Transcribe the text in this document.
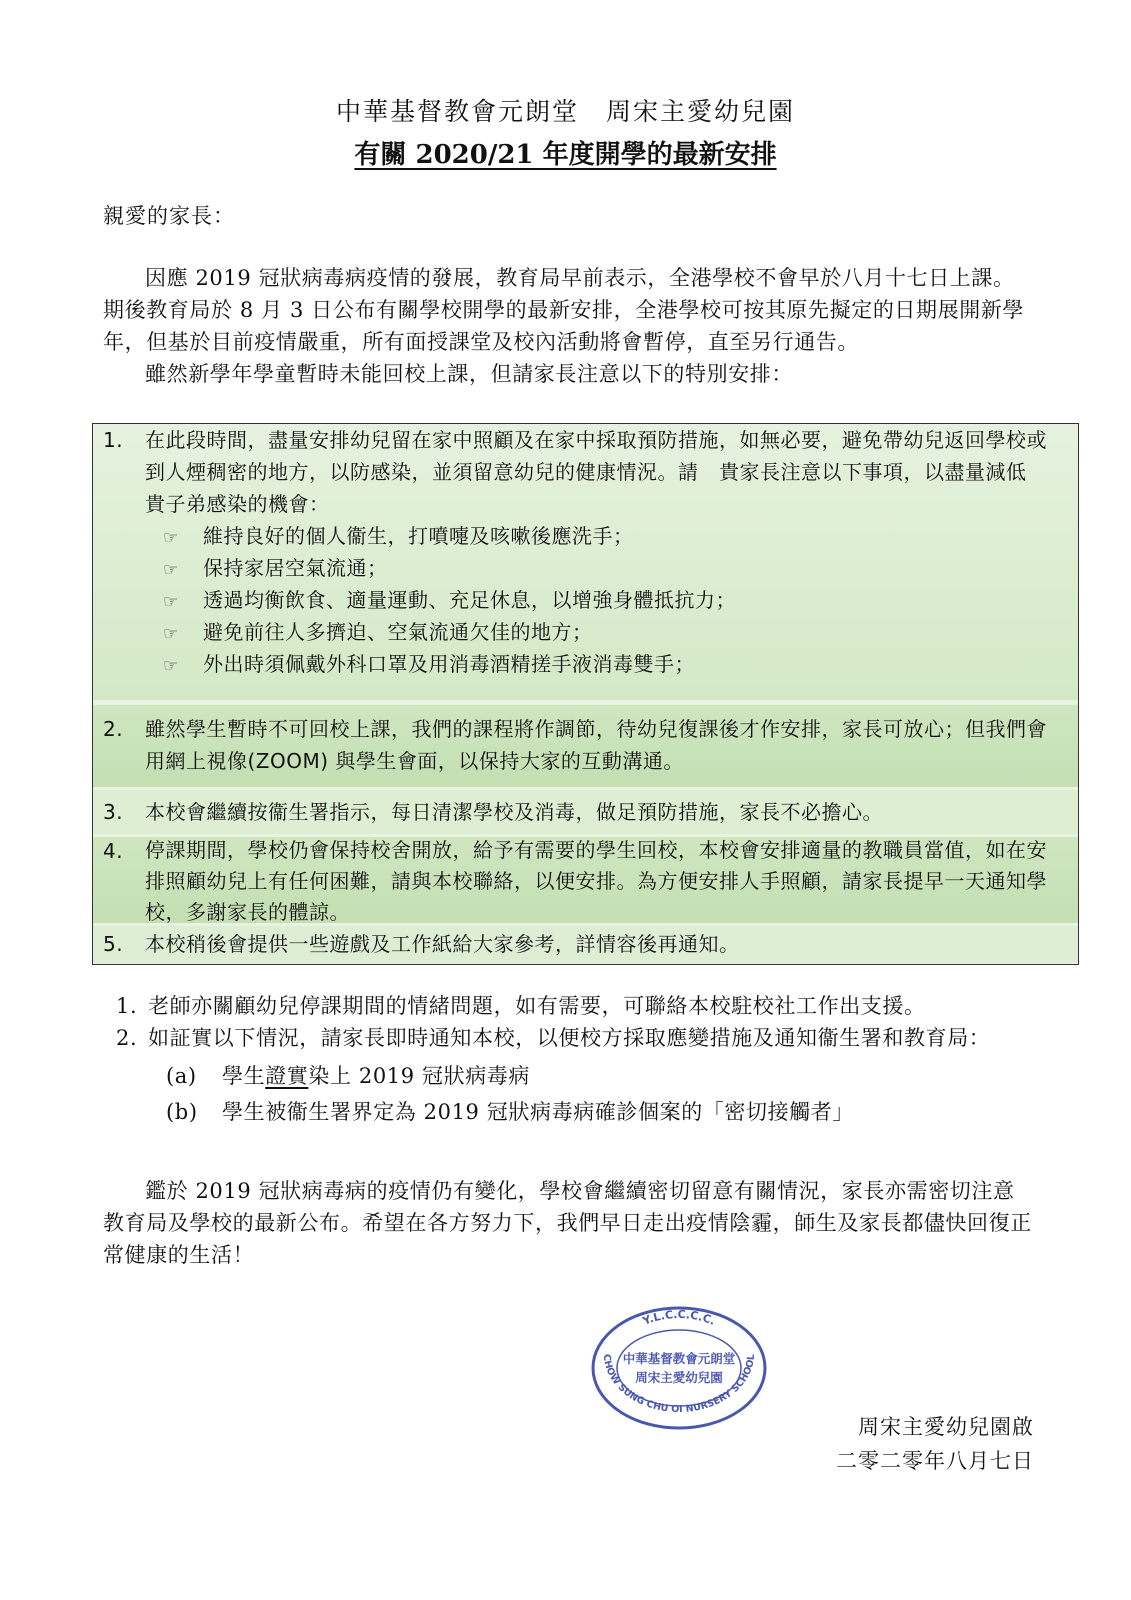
中華基督教會元朗堂　周宋主愛幼兒園
有關 2020/21 年度開學的最新安排
親愛的家長：

因應 2019 冠狀病毒病疫情的發展，教育局早前表示，全港學校不會早於八月十七日上課。期後教育局於 8 月 3 日公布有關學校開學的最新安排，全港學校可按其原先擬定的日期展開新學年，但基於目前疫情嚴重，所有面授課堂及校內活動將會暫停，直至另行通告。

雖然新學年學童暫時未能回校上課，但請家長注意以下的特別安排：

1. 在此段時間，盡量安排幼兒留在家中照顧及在家中採取預防措施，如無必要，避免帶幼兒返回學校或到人煙稠密的地方，以防感染，並須留意幼兒的健康情況。請　貴家長注意以下事項，以盡量減低　貴子弟感染的機會：
☞ 維持良好的個人衞生，打噴嚏及咳嗽後應洗手；
☞ 保持家居空氣流通；
☞ 透過均衡飲食、適量運動、充足休息，以增強身體抵抗力；
☞ 避免前往人多擠迫、空氣流通欠佳的地方；
☞ 外出時須佩戴外科口罩及用消毒酒精搓手液消毒雙手；
2. 雖然學生暫時不可回校上課，我們的課程將作調節，待幼兒復課後才作安排，家長可放心；但我們會用網上視像(ZOOM) 與學生會面，以保持大家的互動溝通。
3. 本校會繼續按衞生署指示，每日清潔學校及消毒，做足預防措施，家長不必擔心。
4. 停課期間，學校仍會保持校舍開放，給予有需要的學生回校，本校會安排適量的教職員當值，如在安排照顧幼兒上有任何困難，請與本校聯絡，以便安排。為方便安排人手照顧，請家長提早一天通知學校，多謝家長的體諒。
5. 本校稍後會提供一些遊戲及工作紙給大家參考，詳情容後再通知。
1. 老師亦關顧幼兒停課期間的情緒問題，如有需要，可聯絡本校駐校社工作出支援。
2. 如証實以下情況，請家長即時通知本校，以便校方採取應變措施及通知衞生署和教育局：
(a) 學生證實染上 2019 冠狀病毒病
(b) 學生被衞生署界定為 2019 冠狀病毒病確診個案的「密切接觸者」

鑑於 2019 冠狀病毒病的疫情仍有變化，學校會繼續密切留意有關情況，家長亦需密切注意教育局及學校的最新公布。希望在各方努力下，我們早日走出疫情陰霾，師生及家長都儘快回復正常健康的生活！

Y.L.C.C.C.C.
CHOW SUNG CHU OI NURSERY SCHOOL
中華基督教會元朗堂
周宋主愛幼兒園
周宋主愛幼兒園啟
二零二零年八月七日
